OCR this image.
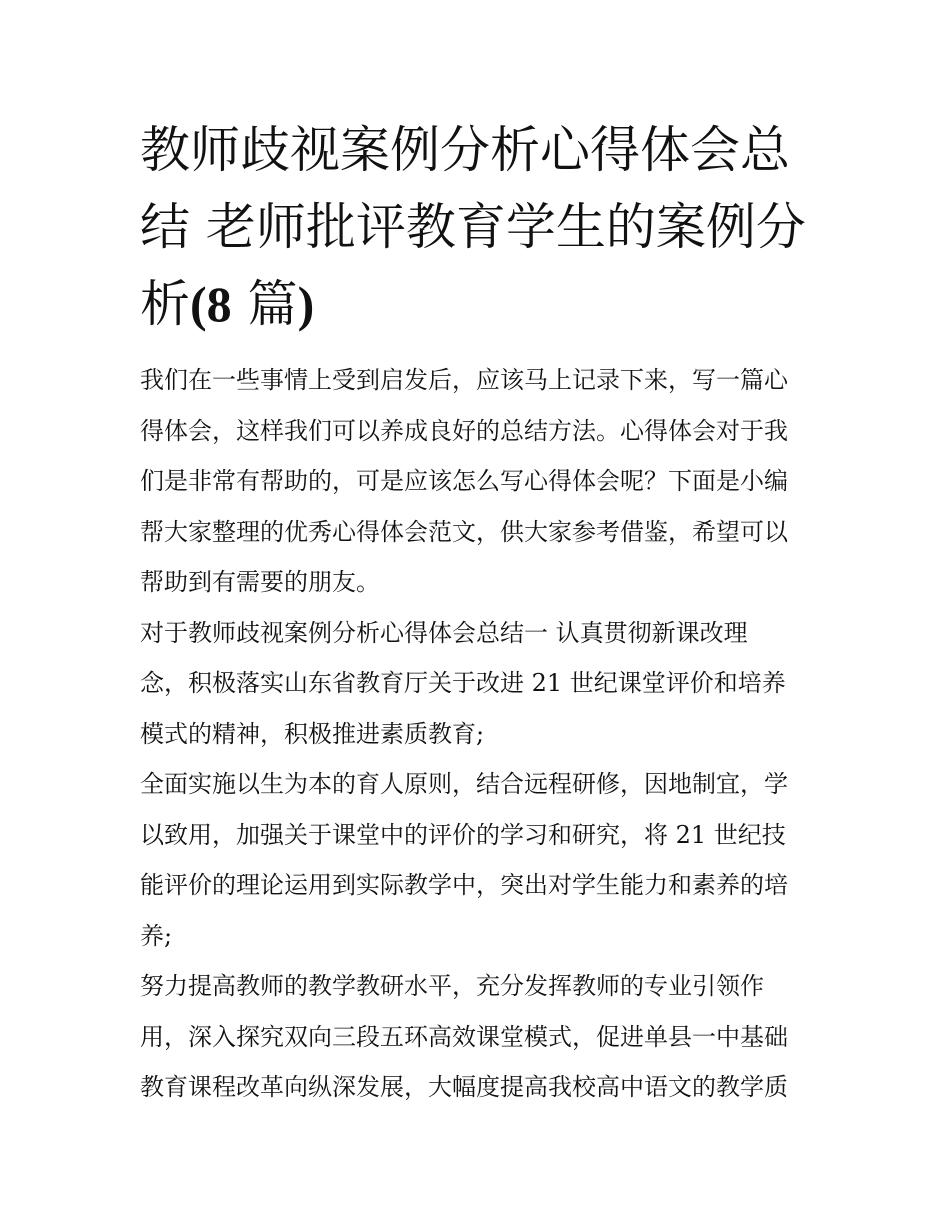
教师歧视案例分析心得体会总
结 老师批评教育学生的案例分
析(8 篇)

我们在一些事情上受到启发后，应该马上记录下来，写一篇心
得体会，这样我们可以养成良好的总结方法。心得体会对于我
们是非常有帮助的，可是应该怎么写心得体会呢？下面是小编
帮大家整理的优秀心得体会范文，供大家参考借鉴，希望可以
帮助到有需要的朋友。

对于教师歧视案例分析心得体会总结一 认真贯彻新课改理
念，积极落实山东省教育厅关于改进 21 世纪课堂评价和培养
模式的精神，积极推进素质教育;

全面实施以生为本的育人原则，结合远程研修，因地制宜，学
以致用，加强关于课堂中的评价的学习和研究，将 21 世纪技
能评价的理论运用到实际教学中，突出对学生能力和素养的培
养;

努力提高教师的教学教研水平，充分发挥教师的专业引领作
用，深入探究双向三段五环高效课堂模式，促进单县一中基础
教育课程改革向纵深发展，大幅度提高我校高中语文的教学质
